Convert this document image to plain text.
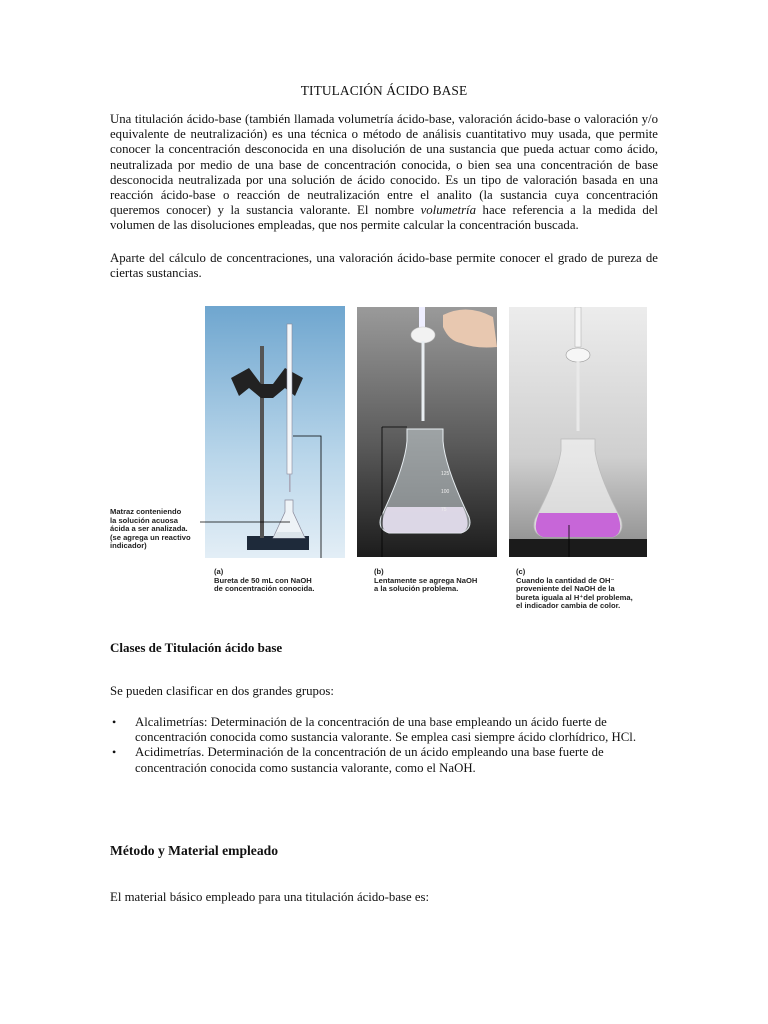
TITULACIÓN ÁCIDO BASE

Una titulación ácido-base (también llamada volumetría ácido-base, valoración ácido-base o valoración y/o equivalente de neutralización) es una técnica o método de análisis cuantitativo muy usada, que permite conocer la concentración desconocida en una disolución de una sustancia que pueda actuar como ácido, neutralizada por medio de una base de concentración conocida, o bien sea una concentración de base desconocida neutralizada por una solución de ácido conocido. Es un tipo de valoración basada en una reacción ácido-base o reacción de neutralización entre el analito (la sustancia cuya concentración queremos conocer) y la sustancia valorante. El nombre volumetría hace referencia a la medida del volumen de las disoluciones empleadas, que nos permite calcular la concentración buscada.

Aparte del cálculo de concentraciones, una valoración ácido-base permite conocer el grado de pureza de ciertas sustancias.

125
100
75
Matraz conteniendo
la solución acuosa
ácida a ser analizada.
(se agrega un reactivo
indicador)
(a)
Bureta de 50 mL con NaOH
de concentración conocida.
(b)
Lentamente se agrega NaOH
a la solución problema.
(c)
Cuando la cantidad de OH⁻
proveniente del NaOH de la
bureta iguala al H⁺del problema,
el indicador cambia de color.
Clases de Titulación ácido base
Se pueden clasificar en dos grandes grupos:
• Alcalimetrías: Determinación de la concentración de una base empleando un ácido fuerte de concentración conocida como sustancia valorante. Se emplea casi siempre ácido clorhídrico, HCl.
• Acidimetrías. Determinación de la concentración de un ácido empleando una base fuerte de concentración conocida como sustancia valorante, como el NaOH.
Método y Material empleado
El material básico empleado para una titulación ácido-base es:
